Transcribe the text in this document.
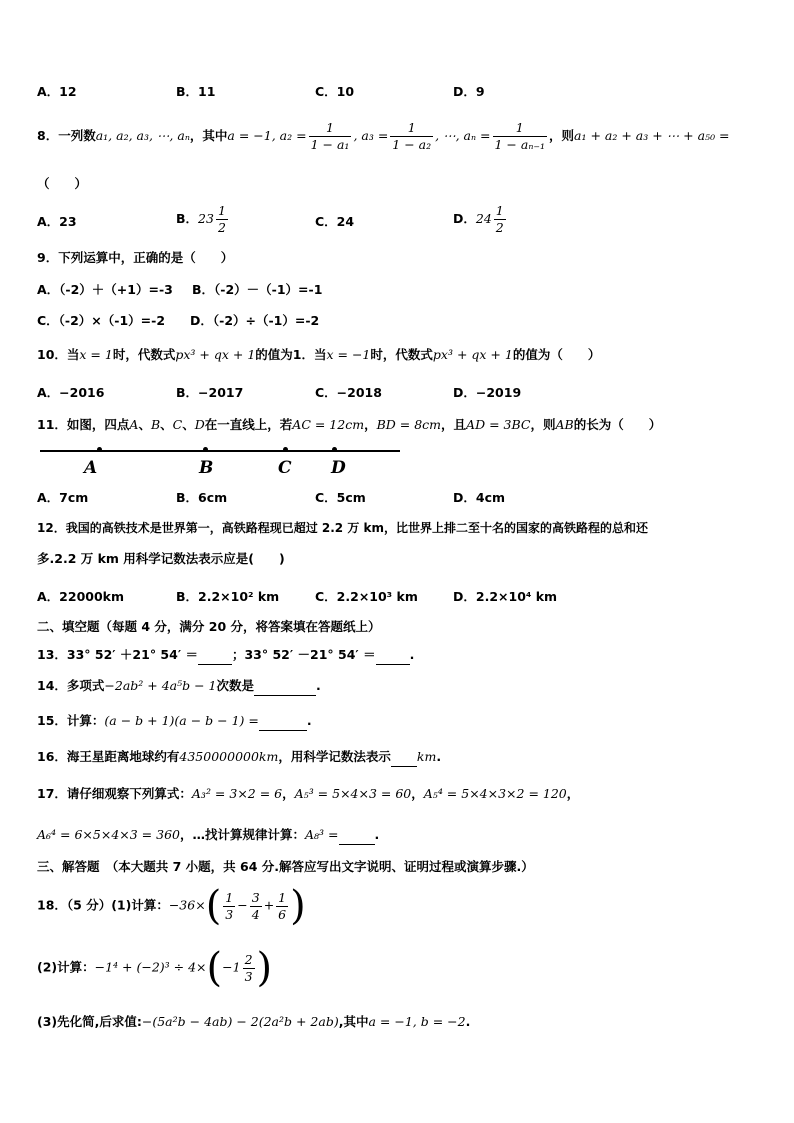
A．12	B．11	C．10	D．9
8．一列数a₁, a₂, a₃, ⋯, aₙ，其中a = −1, $a_2 = \frac{1}{\text{1 − a₁}}$ , $a_3 = \frac{1}{\text{1 − a₂}}$ , ⋯, $a_n = \frac{1}{\text{1 − aₙ₋₁}}$ ，则a₁ + a₂ + a₃ + ⋯ + a₅₀ =
（　　）
A．23	B．$23 \frac{1}{2}$	C．24	D．$24 \frac{1}{2}$
9．下列运算中，正确的是（　　）
A．（-2）＋（+1）=-3 B．（-2）－（-1）=-1
C．（-2）×（-1）=-2 D．（-2）÷（-1）=-2
10．当x = 1时，代数式px³ + qx + 1的值为1．当x = −1时，代数式px³ + qx + 1的值为（　　）
A．−2016	B．−2017	C．−2018	D．−2019
11．如图，四点A、B、C、D在一直线上，若AC = 12cm，BD = 8cm，且AD = 3BC，则AB的长为（　　）
A	B	C D
A．7cm	B．6cm	C．5cm	D．4cm
12．我国的高铁技术是世界第一，高铁路程现已超过 2.2 万 km，比世界上排二至十名的国家的高铁路程的总和还
多.2.2 万 km 用科学记数法表示应是(　　)
A．22000km	B．2.2×10² km	C．2.2×10³ km	D．2.2×10⁴ km
二、填空题（每题 4 分，满分 20 分，将答案填在答题纸上）
13．33° 52′ ＋21° 54′ ＝	；33° 52′ －21° 54′ ＝	.
14．多项式−2ab² + 4a⁵b − 1次数是	.
15．计算：(a − b + 1)(a − b − 1) =	.
16．海王星距离地球约有4350000000km，用科学记数法表示 km.
17．请仔细观察下列算式：A₃² = 3×2 = 6，A₅³ = 5×4×3 = 60，A₅⁴ = 5×4×3×2 = 120，
A₆⁴ = 6×5×4×3 = 360，…找计算规律计算：A₈³ =	.
三、解答题　（本大题共 7 小题，共 64 分.解答应写出文字说明、证明过程或演算步骤.）
18．（5 分）(1)计算：$-36\times( \frac{1}{3} - \frac{3}{4} + \frac{1}{6}$ )
(2)计算：$-1^4 + (-2)^3 \div 4\times(-1 \frac{2}{3}$ )
(3)先化简,后求值:−(5a²b − 4ab) − 2(2a²b + 2ab),其中a = −1, b = −2.
